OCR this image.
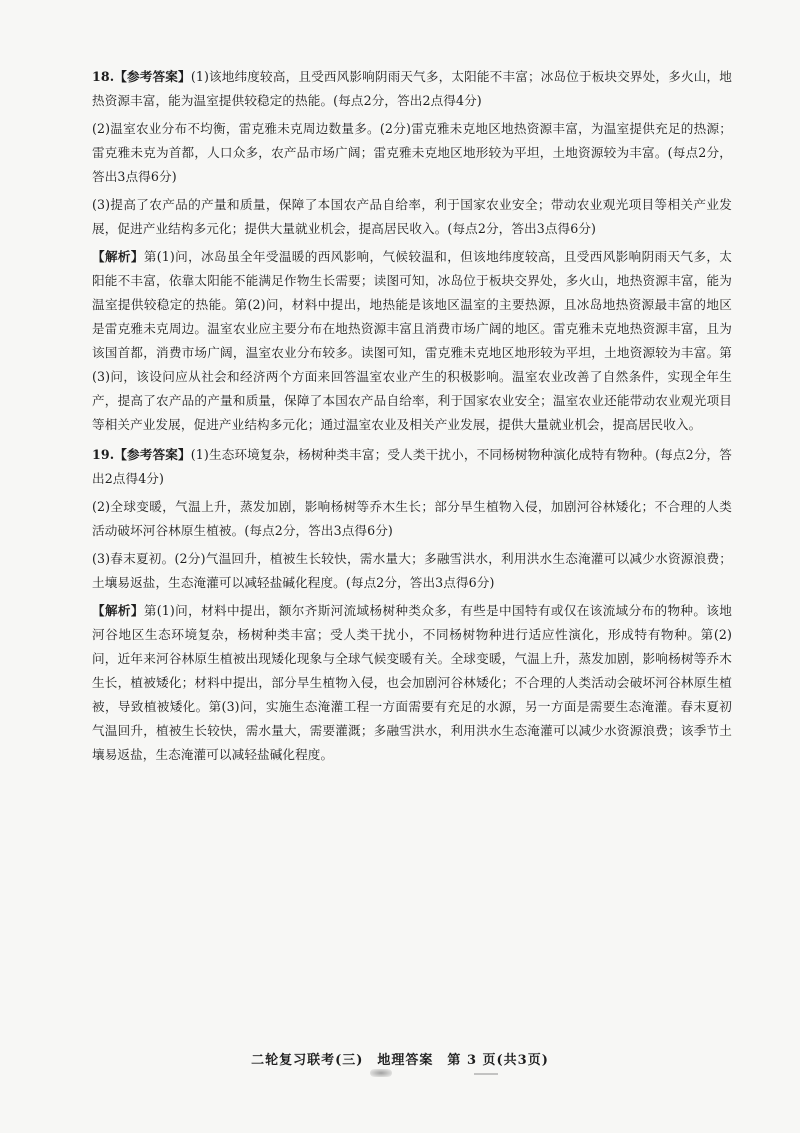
18.【参考答案】(1)该地纬度较高，且受西风影响阴雨天气多，太阳能不丰富；冰岛位于板块交界处，多火山，地热资源丰富，能为温室提供较稳定的热能。(每点2分，答出2点得4分)

(2)温室农业分布不均衡，雷克雅未克周边数量多。(2分)雷克雅未克地区地热资源丰富，为温室提供充足的热源；雷克雅未克为首都，人口众多，农产品市场广阔；雷克雅未克地区地形较为平坦，土地资源较为丰富。(每点2分，答出3点得6分)

(3)提高了农产品的产量和质量，保障了本国农产品自给率，利于国家农业安全；带动农业观光项目等相关产业发展，促进产业结构多元化；提供大量就业机会，提高居民收入。(每点2分，答出3点得6分)

【解析】第(1)问，冰岛虽全年受温暖的西风影响，气候较温和，但该地纬度较高，且受西风影响阴雨天气多，太阳能不丰富，依靠太阳能不能满足作物生长需要；读图可知，冰岛位于板块交界处，多火山，地热资源丰富，能为温室提供较稳定的热能。第(2)问，材料中提出，地热能是该地区温室的主要热源，且冰岛地热资源最丰富的地区是雷克雅未克周边。温室农业应主要分布在地热资源丰富且消费市场广阔的地区。雷克雅未克地热资源丰富，且为该国首都，消费市场广阔，温室农业分布较多。读图可知，雷克雅未克地区地形较为平坦，土地资源较为丰富。第(3)问，该设问应从社会和经济两个方面来回答温室农业产生的积极影响。温室农业改善了自然条件，实现全年生产，提高了农产品的产量和质量，保障了本国农产品自给率，利于国家农业安全；温室农业还能带动农业观光项目等相关产业发展，促进产业结构多元化；通过温室农业及相关产业发展，提供大量就业机会，提高居民收入。

19.【参考答案】(1)生态环境复杂，杨树种类丰富；受人类干扰小，不同杨树物种演化成特有物种。(每点2分，答出2点得4分)

(2)全球变暖，气温上升，蒸发加剧，影响杨树等乔木生长；部分旱生植物入侵，加剧河谷林矮化；不合理的人类活动破坏河谷林原生植被。(每点2分，答出3点得6分)

(3)春末夏初。(2分)气温回升，植被生长较快，需水量大；多融雪洪水，利用洪水生态淹灌可以减少水资源浪费；土壤易返盐，生态淹灌可以减轻盐碱化程度。(每点2分，答出3点得6分)

【解析】第(1)问，材料中提出，额尔齐斯河流域杨树种类众多，有些是中国特有或仅在该流域分布的物种。该地河谷地区生态环境复杂，杨树种类丰富；受人类干扰小，不同杨树物种进行适应性演化，形成特有物种。第(2)问，近年来河谷林原生植被出现矮化现象与全球气候变暖有关。全球变暖，气温上升，蒸发加剧，影响杨树等乔木生长，植被矮化；材料中提出，部分旱生植物入侵，也会加剧河谷林矮化；不合理的人类活动会破坏河谷林原生植被，导致植被矮化。第(3)问，实施生态淹灌工程一方面需要有充足的水源，另一方面是需要生态淹灌。春末夏初气温回升，植被生长较快，需水量大，需要灌溉；多融雪洪水，利用洪水生态淹灌可以减少水资源浪费；该季节土壤易返盐，生态淹灌可以减轻盐碱化程度。

二轮复习联考(三)　地理答案　第 3 页(共3页)
